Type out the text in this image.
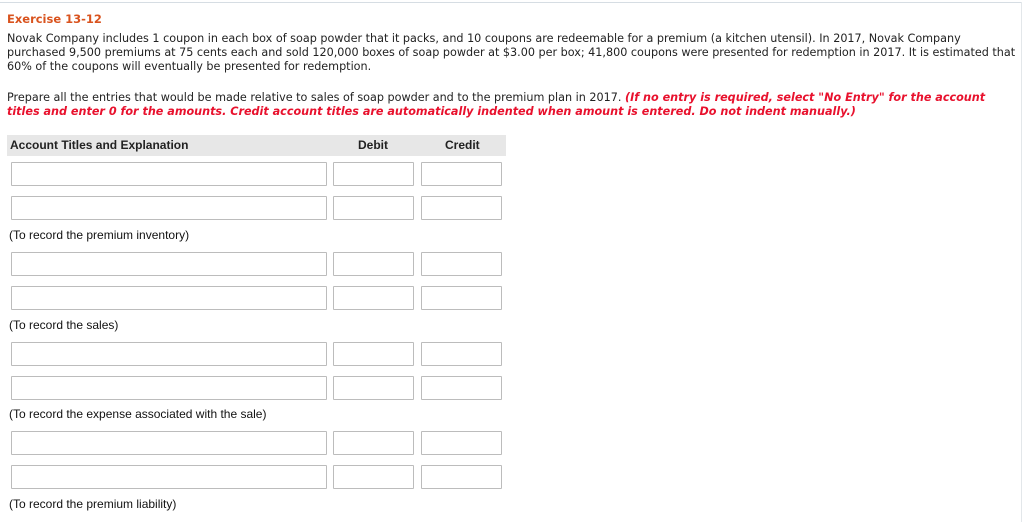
Exercise 13-12
Novak Company includes 1 coupon in each box of soap powder that it packs, and 10 coupons are redeemable for a premium (a kitchen utensil). In 2017, Novak Company purchased 9,500 premiums at 75 cents each and sold 120,000 boxes of soap powder at $3.00 per box; 41,800 coupons were presented for redemption in 2017. It is estimated that 60% of the coupons will eventually be presented for redemption.
Prepare all the entries that would be made relative to sales of soap powder and to the premium plan in 2017. (If no entry is required, select "No Entry" for the account titles and enter 0 for the amounts. Credit account titles are automatically indented when amount is entered. Do not indent manually.)
Account Titles and Explanation	Debit	Credit
(To record the premium inventory)
(To record the sales)
(To record the expense associated with the sale)
(To record the premium liability)
